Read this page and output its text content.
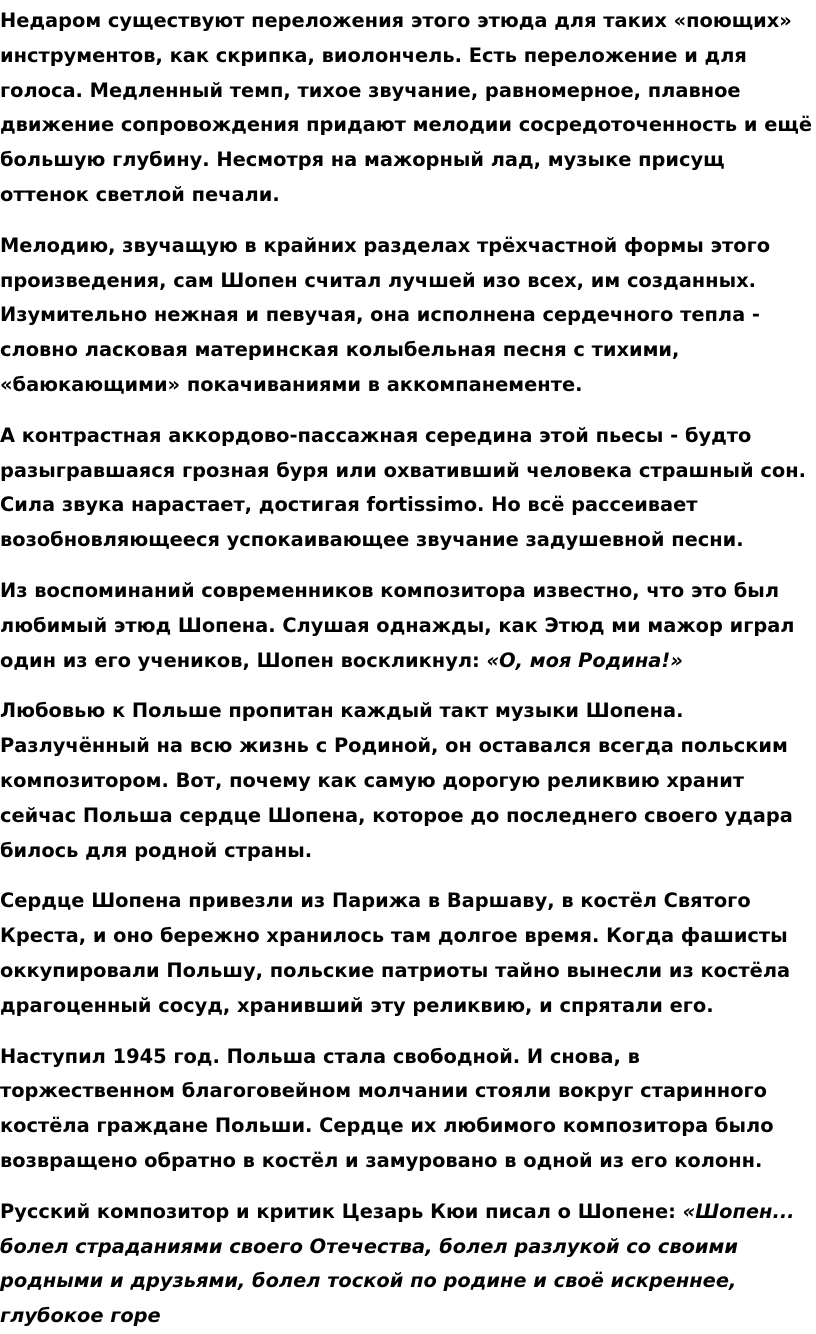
Недаром существуют переложения этого этюда для таких «поющих» инструментов, как скрипка, виолончель. Есть переложение и для голоса. Медленный темп, тихое звучание, равномерное, плавное движение сопровождения придают мелодии сосредоточенность и ещё большую глубину. Несмотря на мажорный лад, музыке присущ оттенок светлой печали.

Мелодию, звучащую в крайних разделах трёхчастной формы этого произведения, сам Шопен считал лучшей изо всех, им созданных. Изумительно нежная и певучая, она исполнена сердечного тепла - словно ласковая материнская колыбельная песня с тихими, «баюкающими» покачиваниями в аккомпанементе.

А контрастная аккордово-пассажная середина этой пьесы - будто разыгравшаяся грозная буря или охвативший человека страшный сон. Сила звука нарастает, достигая fortissimo. Но всё рассеивает возобновляющееся успокаивающее звучание задушевной песни.

Из воспоминаний современников композитора известно, что это был любимый этюд Шопена. Слушая однажды, как Этюд ми мажор играл один из его учеников, Шопен воскликнул: «О, моя Родина!»

Любовью к Польше пропитан каждый такт музыки Шопена. Разлучённый на всю жизнь с Родиной, он оставался всегда польским композитором. Вот, почему как самую дорогую реликвию хранит сейчас Польша сердце Шопена, которое до последнего своего удара билось для родной страны.

Сердце Шопена привезли из Парижа в Варшаву, в костёл Святого Креста, и оно бережно хранилось там долгое время. Когда фашисты оккупировали Польшу, польские патриоты тайно вынесли из костёла драгоценный сосуд, хранивший эту реликвию, и спрятали его.

Наступил 1945 год. Польша стала свободной. И снова, в торжественном благоговейном молчании стояли вокруг старинного костёла граждане Польши. Сердце их любимого композитора было возвращено обратно в костёл и замуровано в одной из его колонн.

Русский композитор и критик Цезарь Кюи писал о Шопене: «Шопен... болел страданиями своего Отечества, болел разлукой со своими родными и друзьями, болел тоской по родине и своё искреннее, глубокое горе
